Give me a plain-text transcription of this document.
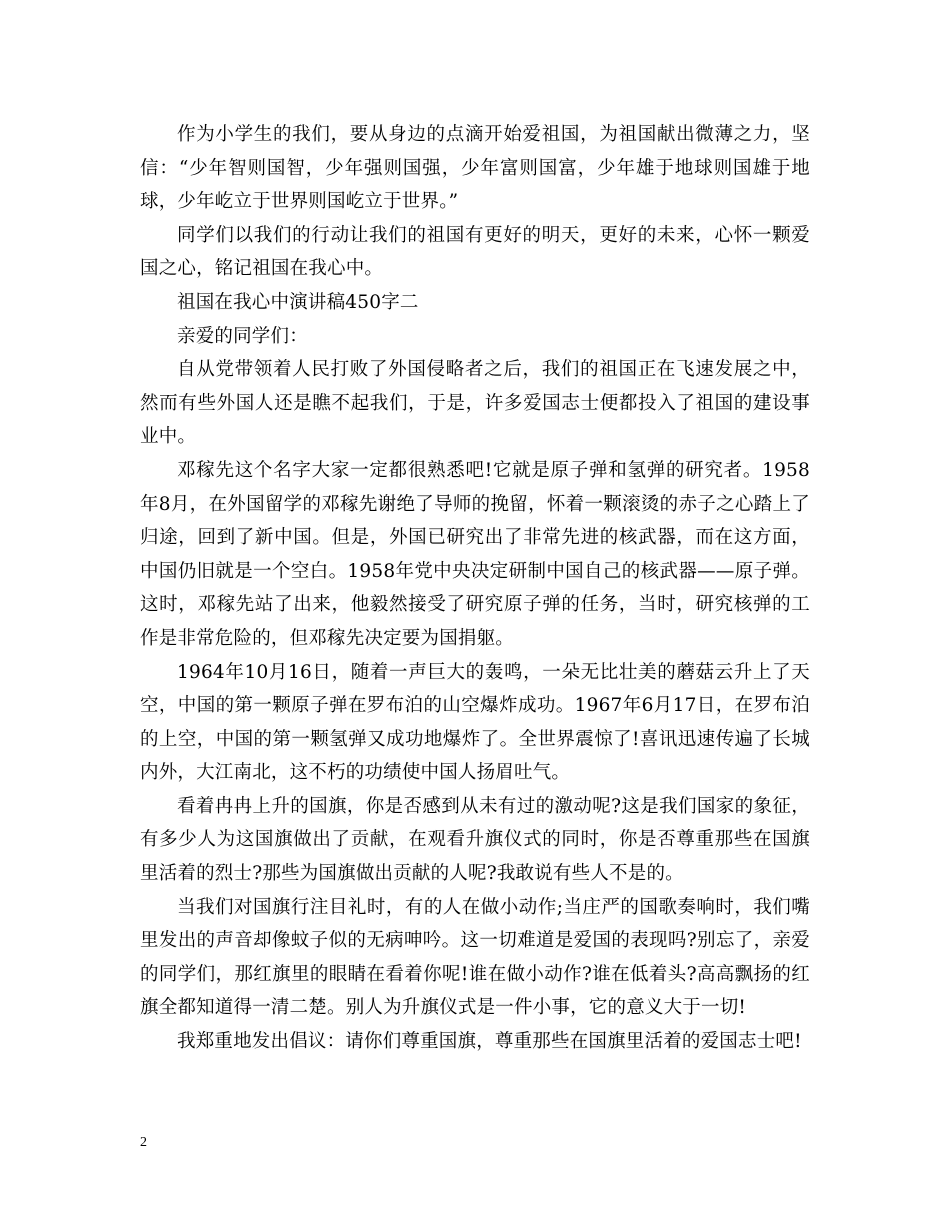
作为小学生的我们，要从身边的点滴开始爱祖国，为祖国献出微薄之力，坚信：“少年智则国智，少年强则国强，少年富则国富，少年雄于地球则国雄于地球，少年屹立于世界则国屹立于世界。”

同学们以我们的行动让我们的祖国有更好的明天，更好的未来，心怀一颗爱国之心，铭记祖国在我心中。

祖国在我心中演讲稿450字二

亲爱的同学们：

自从党带领着人民打败了外国侵略者之后，我们的祖国正在飞速发展之中，然而有些外国人还是瞧不起我们，于是，许多爱国志士便都投入了祖国的建设事业中。

邓稼先这个名字大家一定都很熟悉吧!它就是原子弹和氢弹的研究者。1958年8月，在外国留学的邓稼先谢绝了导师的挽留，怀着一颗滚烫的赤子之心踏上了归途，回到了新中国。但是，外国已研究出了非常先进的核武器，而在这方面，中国仍旧就是一个空白。1958年党中央决定研制中国自己的核武器——原子弹。这时，邓稼先站了出来，他毅然接受了研究原子弹的任务，当时，研究核弹的工作是非常危险的，但邓稼先决定要为国捐躯。

1964年10月16日，随着一声巨大的轰鸣，一朵无比壮美的蘑菇云升上了天空，中国的第一颗原子弹在罗布泊的山空爆炸成功。1967年6月17日，在罗布泊的上空，中国的第一颗氢弹又成功地爆炸了。全世界震惊了!喜讯迅速传遍了长城内外，大江南北，这不朽的功绩使中国人扬眉吐气。

看着冉冉上升的国旗，你是否感到从未有过的激动呢?这是我们国家的象征，有多少人为这国旗做出了贡献，在观看升旗仪式的同时，你是否尊重那些在国旗里活着的烈士?那些为国旗做出贡献的人呢?我敢说有些人不是的。

当我们对国旗行注目礼时，有的人在做小动作;当庄严的国歌奏响时，我们嘴里发出的声音却像蚊子似的无病呻吟。这一切难道是爱国的表现吗?别忘了，亲爱的同学们，那红旗里的眼睛在看着你呢!谁在做小动作?谁在低着头?高高飘扬的红旗全都知道得一清二楚。别人为升旗仪式是一件小事，它的意义大于一切!

我郑重地发出倡议：请你们尊重国旗，尊重那些在国旗里活着的爱国志士吧!

2
